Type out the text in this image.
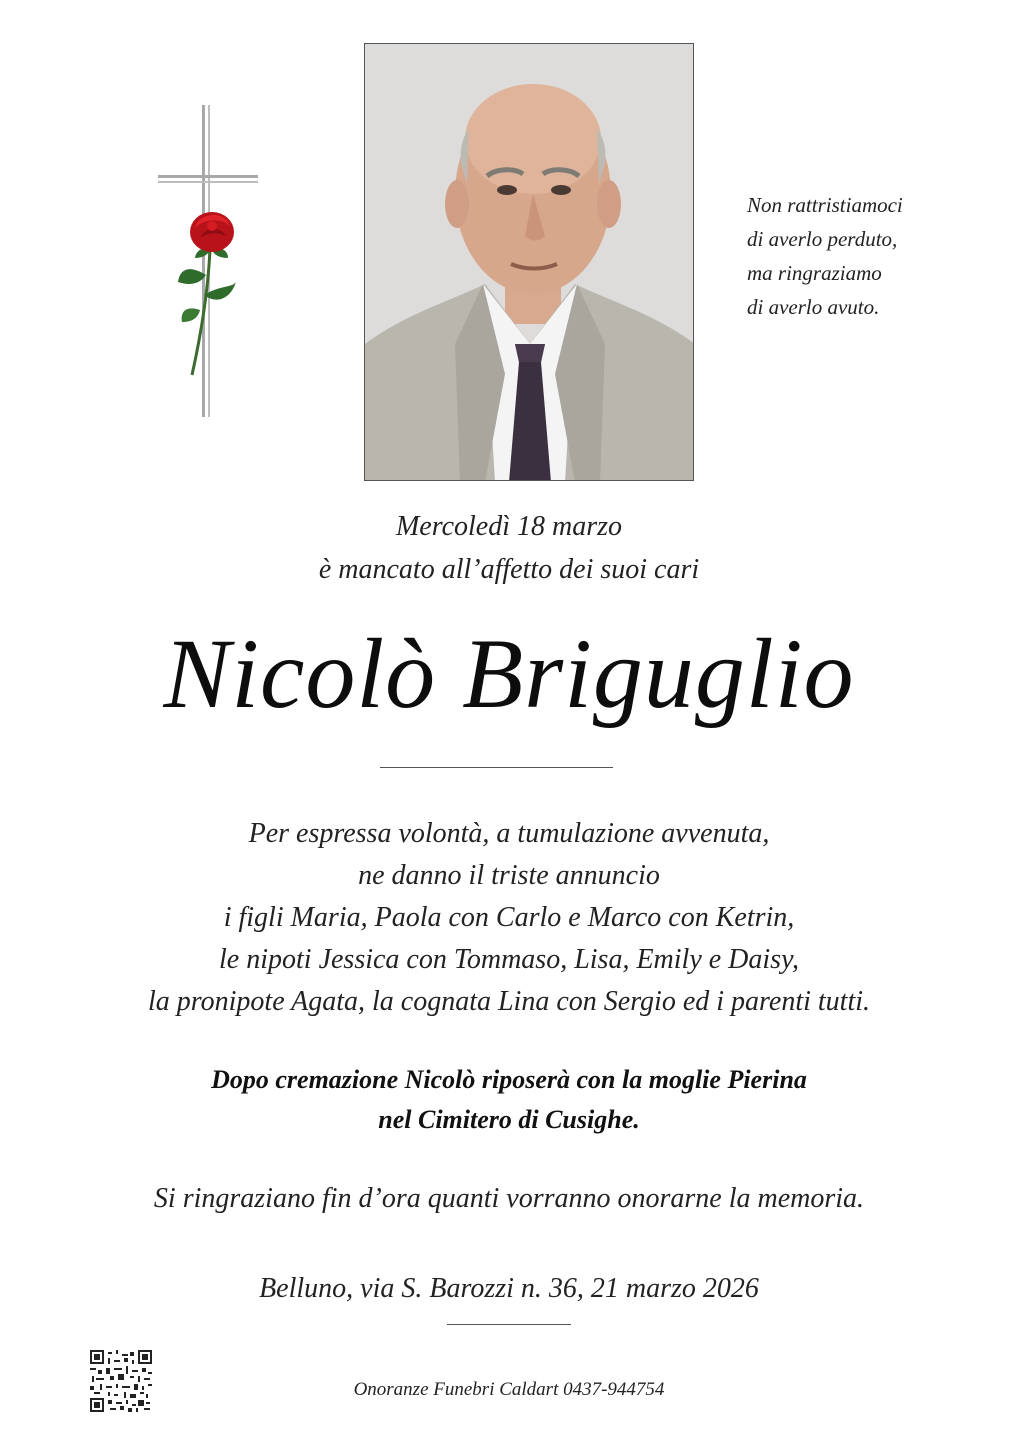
Non rattristiamoci
di averlo perduto,
ma ringraziamo
di averlo avuto.
Mercoledì 18 marzo
è mancato all’affetto dei suoi cari
Nicolò Briguglio
Per espressa volontà, a tumulazione avvenuta,
ne danno il triste annuncio
i figli Maria, Paola con Carlo e Marco con Ketrin,
le nipoti Jessica con Tommaso, Lisa, Emily e Daisy,
la pronipote Agata, la cognata Lina con Sergio ed i parenti tutti.
Dopo cremazione Nicolò riposerà con la moglie Pierina
nel Cimitero di Cusighe.
Si ringraziano fin d’ora quanti vorranno onorarne la memoria.
Belluno, via S. Barozzi n. 36, 21 marzo 2026
Onoranze Funebri Caldart 0437-944754
